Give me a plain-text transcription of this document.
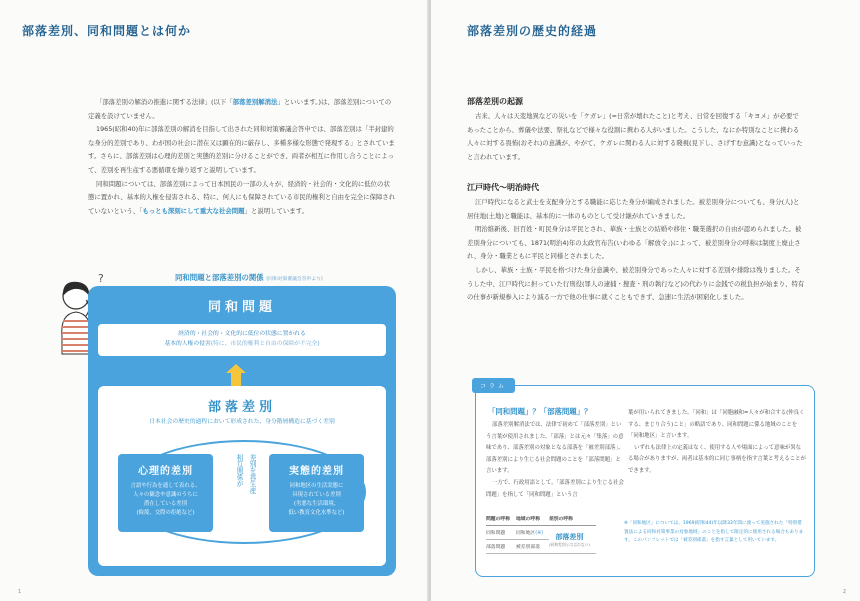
部落差別、同和問題とは何か

「部落差別の解消の推進に関する法律」(以下「部落差別解消法」といいます。)は、部落差別についての定義を設けていません。

1965(昭和40)年に部落差別の解消を目指して出された同和対策審議会答申では、部落差別は「半封建的な身分的差別であり、わが国の社会に潜在又は顕在的に厳存し、多種多様な形態で発現する」とされています。さらに、部落差別は心理的差別と実態的差別に分けることができ、両者が相互に作用し合うことによって、差別を再生産する悪循環を繰り返すと説明しています。

同和問題については、部落差別によって日本国民の一部の人々が、経済的・社会的・文化的に低位の状態に置かれ、基本的人権を侵害される、特に、何人にも保障されている市民的権利と自由を完全に保障されていないという、「もっとも深刻にして重大な社会問題」と説明しています。

?	同和問題と部落差別の関係 (同和対策審議会答申より)
同和問題
経済的・社会的・文化的に低位の状態に置かれる
基本的人権の侵害(特に、市民的権利と自由の保障が不完全)
部落差別
日本社会の歴史的過程において形成された、身分階層構造に基づく差別
心理的差別
言語や行為を通して表れる、
人々の観念や意識のうちに
潜在している差別
(侮蔑、交際の拒絶など)
相互関係が 差別を再生産	実態的差別
同和地区の生活実態に
具現されている差別
(劣悪な生活環境、
低い教育文化水準など)
1
部落差別の歴史的経過
部落差別の起源

古来、人々は天変地異などの災いを「ケガレ」(=日常が壊れたこと)と考え、日常を回復する「キヨメ」が必要であったことから、葬儀や法要、祭礼などで様々な役割に携わる人がいました。こうした、なにか特別なことに携わる人々に対する畏怖(おそれ)の意識が、やがて、ケガレに関わる人に対する賤視(見下し、さげすむ意識)となっていったと言われています。

江戸時代〜明治時代

江戸時代になると武士を支配身分とする職能に応じた身分が編成されました。被差別身分についても、身分(人)と居住地(土地)と職能は、基本的に一体のものとして受け継がれていきました。

明治維新後、旧百姓・町民身分は平民とされ、華族・士族との結婚や移住・職業選択の自由が認められました。被差別身分についても、1871(明治4)年の太政官布告(いわゆる「解放令」)によって、被差別身分の呼称は制度上廃止され、身分・職業ともに平民と同様とされました。

しかし、華族・士族・平民を格づけた身分意識や、被差別身分であった人々に対する差別や排除は残りました。そうした中、江戸時代に担っていた行刑役(罪人の逮捕・捜査・刑の執行など)の代わりに金銭での税負担が始まり、特有の仕事が新規参入により減る一方で他の仕事に就くこともできず、急速に生活が困窮化しました。

コラム
「同和問題」？「部落問題」？

部落差別解消法では、法律で初めて「部落差別」という言葉が使用されました。「部落」とは元々「集落」の意味であり、部落差別の対象となる部落を「被差別部落」、部落差別により生じる社会問題のことを「部落問題」と言います。

一方で、行政用語として、「部落差別により生じる社会問題」を指して「同和問題」という言

葉が用いられてきました。「同和」は「同胞融和=人々が和合する(仲良くする、まじり合う)こと」の略語であり、同和問題に係る地域のことを「同和地区」と言います。

いずれも法律上の定義はなく、使用する人や場面によって意味が異なる場合がありますが、両者は基本的に同じ事柄を指す言葉と考えることができます。

問題の呼称	地域の呼称	差別の呼称
同和問題	同和地区(※)	部落差別
(同和差別とは言わない)

部落問題	被差別部落	
※「同和地区」については、1969(昭和44)年以降33年間に渡って実施された「特別措置法による同和対策事業の対象地域」のことを指して限定的に使用される場合もあります。このパンフレットでは「被差別部落」を指す言葉として用いています。
2
